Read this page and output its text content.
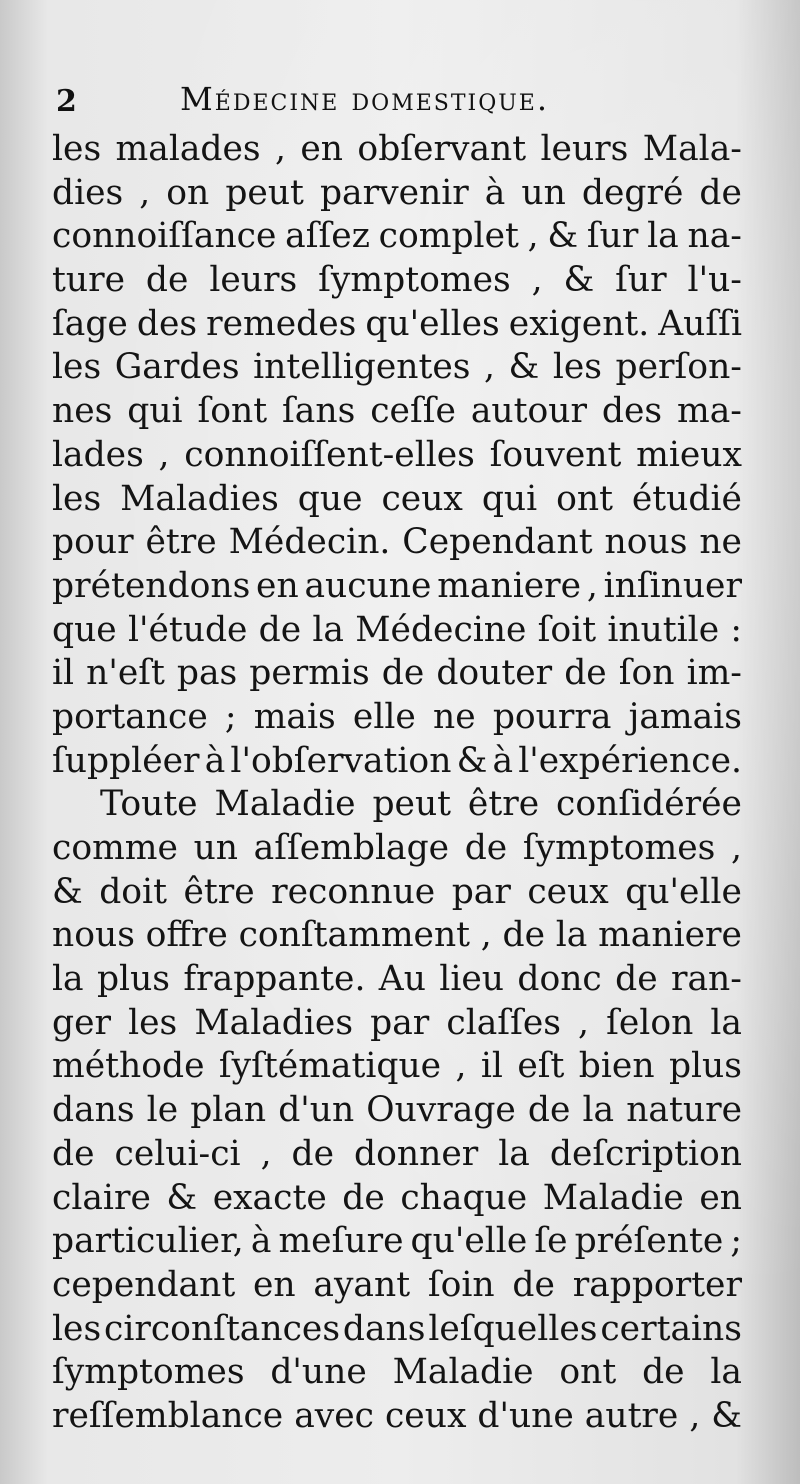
2	Médecine domestique.
les malades , en obſervant leurs Mala-
dies , on peut parvenir à un degré de
connoiſſance aſſez complet , & ſur la na-
ture de leurs ſymptomes , & ſur l'u-
ſage des remedes qu'elles exigent. Auſſi
les Gardes intelligentes , & les perſon-
nes qui ſont ſans ceſſe autour des ma-
lades , connoiſſent-elles ſouvent mieux
les Maladies que ceux qui ont étudié
pour être Médecin. Cependant nous ne
prétendons en aucune maniere , inſinuer
que l'étude de la Médecine ſoit inutile :
il n'eſt pas permis de douter de ſon im-
portance ; mais elle ne pourra jamais
ſuppléer à l'obſervation & à l'expérience.
Toute Maladie peut être conſidérée
comme un aſſemblage de ſymptomes ,
& doit être reconnue par ceux qu'elle
nous offre conſtamment , de la maniere
la plus frappante. Au lieu donc de ran-
ger les Maladies par claſſes , ſelon la
méthode ſyſtématique , il eſt bien plus
dans le plan d'un Ouvrage de la nature
de celui-ci , de donner la deſcription
claire & exacte de chaque Maladie en
particulier, à meſure qu'elle ſe préſente ;
cependant en ayant ſoin de rapporter
les circonſtances dans leſquelles certains
ſymptomes d'une Maladie ont de la
reſſemblance avec ceux d'une autre , &
